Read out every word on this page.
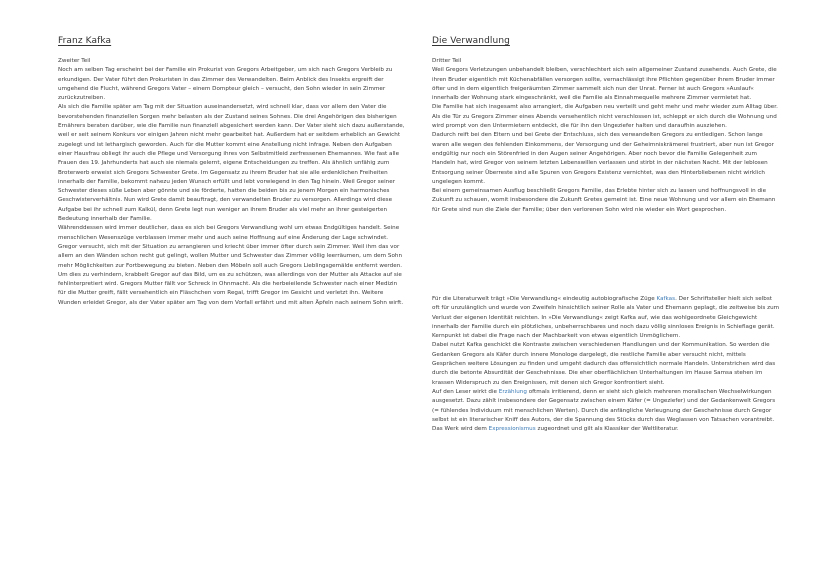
Franz Kafka

Zweiter Teil

Noch am selben Tag erscheint bei der Familie ein Prokurist von Gregors Arbeitgeber, um sich nach Gregors Verbleib zu erkundigen. Der Vater führt den Prokuristen in das Zimmer des Verwandelten. Beim Anblick des Insekts ergreift der umgehend die Flucht, während Gregors Vater – einem Dompteur gleich – versucht, den Sohn wieder in sein Zimmer zurückzutreiben.

Als sich die Familie später am Tag mit der Situation auseinandersetzt, wird schnell klar, dass vor allem den Vater die bevorstehenden finanziellen Sorgen mehr belasten als der Zustand seines Sohnes. Die drei Angehörigen des bisherigen Ernährers beraten darüber, wie die Familie nun finanziell abgesichert werden kann. Der Vater sieht sich dazu außerstande, weil er seit seinem Konkurs vor einigen Jahren nicht mehr gearbeitet hat. Außerdem hat er seitdem erheblich an Gewicht zugelegt und ist lethargisch geworden. Auch für die Mutter kommt eine Anstellung nicht infrage. Neben den Aufgaben einer Hausfrau obliegt ihr auch die Pflege und Versorgung ihres von Selbstmitleid zerfressenen Ehemannes. Wie fast alle Frauen des 19. Jahrhunderts hat auch sie niemals gelernt, eigene Entscheidungen zu treffen. Als ähnlich unfähig zum Broterwerb erweist sich Gregors Schwester Grete. Im Gegensatz zu ihrem Bruder hat sie alle erdenklichen Freiheiten innerhalb der Familie, bekommt nahezu jeden Wunsch erfüllt und lebt vorwiegend in den Tag hinein. Weil Gregor seiner Schwester dieses süße Leben aber gönnte und sie förderte, hatten die beiden bis zu jenem Morgen ein harmonisches Geschwisterverhältnis. Nun wird Grete damit beauftragt, den verwandelten Bruder zu versorgen. Allerdings wird diese Aufgabe bei ihr schnell zum Kalkül, denn Grete legt nun weniger an ihrem Bruder als viel mehr an ihrer gesteigerten Bedeutung innerhalb der Familie.

Währenddessen wird immer deutlicher, dass es sich bei Gregors Verwandlung wohl um etwas Endgültiges handelt. Seine menschlichen Wesenszüge verblassen immer mehr und auch seine Hoffnung auf eine Änderung der Lage schwindet. Gregor versucht, sich mit der Situation zu arrangieren und kriecht über immer öfter durch sein Zimmer. Weil ihm das vor allem an den Wänden schon recht gut gelingt, wollen Mutter und Schwester das Zimmer völlig leerräumen, um dem Sohn mehr Möglichkeiten zur Fortbewegung zu bieten. Neben den Möbeln soll auch Gregors Lieblingsgemälde entfernt werden. Um dies zu verhindern, krabbelt Gregor auf das Bild, um es zu schützen, was allerdings von der Mutter als Attacke auf sie fehlinterpretiert wird. Gregors Mutter fällt vor Schreck in Ohnmacht. Als die herbeieilende Schwester nach einer Medizin für die Mutter greift, fällt versehentlich ein Fläschchen vom Regal, trifft Gregor im Gesicht und verletzt ihn. Weitere Wunden erleidet Gregor, als der Vater später am Tag von dem Vorfall erfährt und mit alten Äpfeln nach seinem Sohn wirft.

Die Verwandlung

Dritter Teil

Weil Gregors Verletzungen unbehandelt bleiben, verschlechtert sich sein allgemeiner Zustand zusehends. Auch Grete, die ihren Bruder eigentlich mit Küchenabfällen versorgen sollte, vernachlässigt ihre Pflichten gegenüber ihrem Bruder immer öfter und in dem eigentlich freigeräumten Zimmer sammelt sich nun der Unrat. Ferner ist auch Gregors »Auslauf« innerhalb der Wohnung stark eingeschränkt, weil die Familie als Einnahmequelle mehrere Zimmer vermietet hat.

Die Familie hat sich insgesamt also arrangiert, die Aufgaben neu verteilt und geht mehr und mehr wieder zum Alltag über. Als die Tür zu Gregors Zimmer eines Abends versehentlich nicht verschlossen ist, schleppt er sich durch die Wohnung und wird prompt von den Untermietern entdeckt, die für ihn den Ungeziefer halten und daraufhin ausziehen.

Dadurch reift bei den Eltern und bei Grete der Entschluss, sich des verwandelten Gregors zu entledigen. Schon lange waren alle wegen des fehlenden Einkommens, der Versorgung und der Geheimniskrämerei frustriert, aber nun ist Gregor endgültig nur noch ein Störenfried in den Augen seiner Angehörigen. Aber noch bevor die Familie Gelegenheit zum Handeln hat, wird Gregor von seinem letzten Lebenswillen verlassen und stirbt in der nächsten Nacht. Mit der leblosen Entsorgung seiner Überreste sind alle Spuren von Gregors Existenz vernichtet, was den Hinterbliebenen nicht wirklich ungelegen kommt.

Bei einem gemeinsamen Ausflug beschließt Gregors Familie, das Erlebte hinter sich zu lassen und hoffnungsvoll in die Zukunft zu schauen, womit insbesondere die Zukunft Gretes gemeint ist. Eine neue Wohnung und vor allem ein Ehemann für Grete sind nun die Ziele der Familie; über den verlorenen Sohn wird nie wieder ein Wort gesprochen.

Für die Literaturwelt trägt »Die Verwandlung« eindeutig autobiografische Züge Kafkas. Der Schriftsteller hielt sich selbst oft für unzulänglich und wurde von Zweifeln hinsichtlich seiner Rolle als Vater und Ehemann geplagt, die zeitweise bis zum Verlust der eigenen Identität reichten. In »Die Verwandlung« zeigt Kafka auf, wie das wohlgeordnete Gleichgewicht innerhalb der Familie durch ein plötzliches, unbeherrschbares und noch dazu völlig sinnloses Ereignis in Schieflage gerät. Kernpunkt ist dabei die Frage nach der Machbarkeit von etwas eigentlich Unmöglichem.

Dabei nutzt Kafka geschickt die Kontraste zwischen verschiedenen Handlungen und der Kommunikation. So werden die Gedanken Gregors als Käfer durch innere Monologe dargelegt, die restliche Familie aber versucht nicht, mittels Gesprächen weitere Lösungen zu finden und umgeht dadurch das offensichtlich normale Handeln. Unterstrichen wird das durch die betonte Absurdität der Geschehnisse. Die eher oberflächlichen Unterhaltungen im Hause Samsa stehen im krassen Widerspruch zu den Ereignissen, mit denen sich Gregor konfrontiert sieht.

Auf den Leser wirkt die Erzählung oftmals irritierend, denn er sieht sich gleich mehreren moralischen Wechselwirkungen ausgesetzt. Dazu zählt insbesondere der Gegensatz zwischen einem Käfer (= Ungeziefer) und der Gedankenwelt Gregors (= fühlendes Individuum mit menschlichen Werten). Durch die anfängliche Verleugnung der Geschehnisse durch Gregor selbst ist ein literarischer Kniff des Autors, der die Spannung des Stücks durch das Weglassen von Tatsachen vorantreibt.

Das Werk wird dem Expressionismus zugeordnet und gilt als Klassiker der Weltliteratur.
